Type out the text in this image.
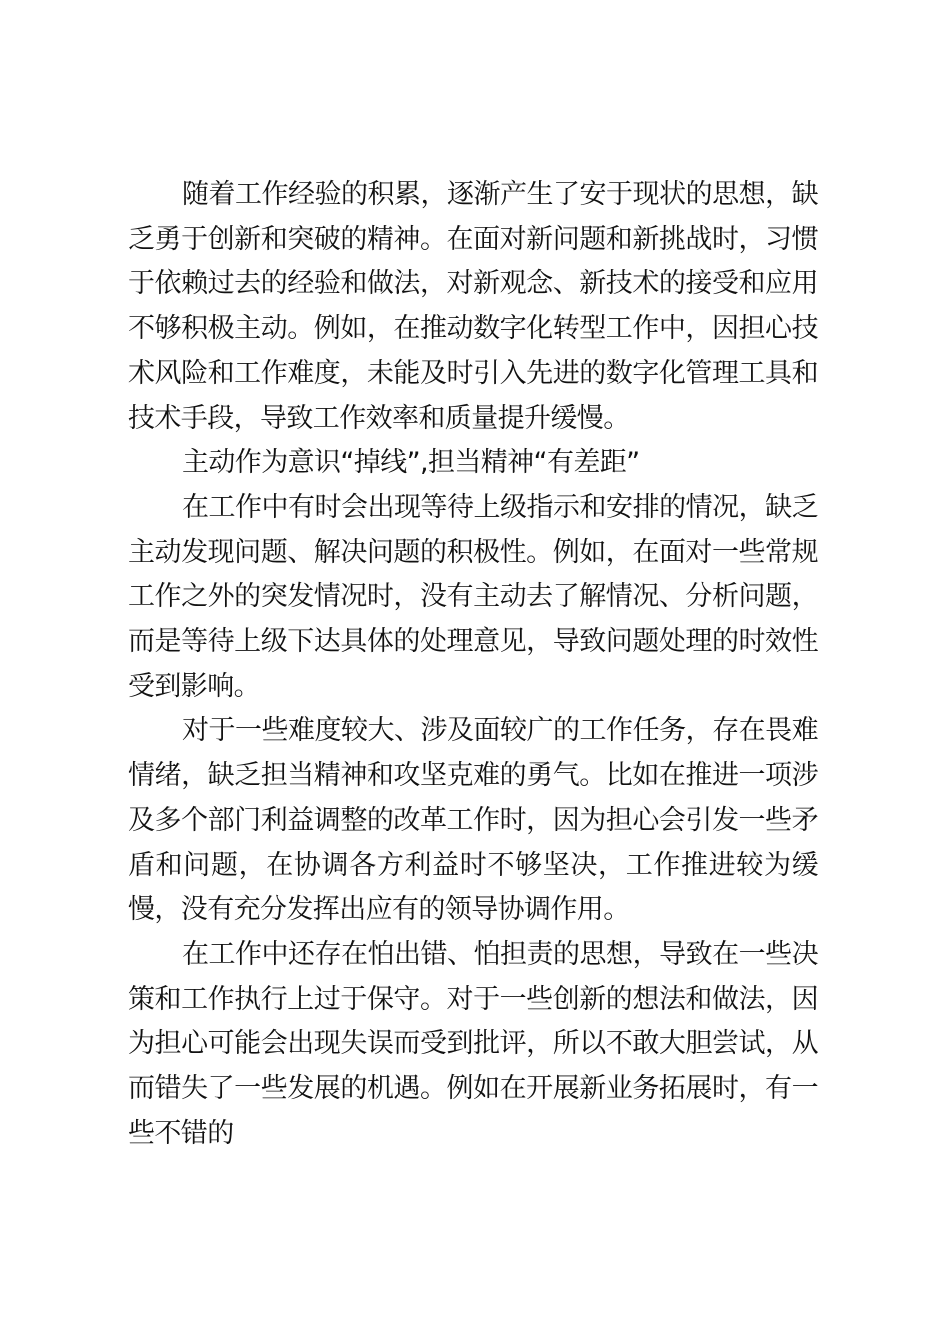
随着工作经验的积累，逐渐产生了安于现状的思想，缺乏勇于创新和突破的精神。在面对新问题和新挑战时，习惯于依赖过去的经验和做法，对新观念、新技术的接受和应用不够积极主动。例如，在推动数字化转型工作中，因担心技术风险和工作难度，未能及时引入先进的数字化管理工具和技术手段，导致工作效率和质量提升缓慢。

主动作为意识“掉线”,担当精神“有差距”

在工作中有时会出现等待上级指示和安排的情况，缺乏主动发现问题、解决问题的积极性。例如，在面对一些常规工作之外的突发情况时，没有主动去了解情况、分析问题，而是等待上级下达具体的处理意见，导致问题处理的时效性受到影响。

对于一些难度较大、涉及面较广的工作任务，存在畏难情绪，缺乏担当精神和攻坚克难的勇气。比如在推进一项涉及多个部门利益调整的改革工作时，因为担心会引发一些矛盾和问题，在协调各方利益时不够坚决，工作推进较为缓慢，没有充分发挥出应有的领导协调作用。

在工作中还存在怕出错、怕担责的思想，导致在一些决策和工作执行上过于保守。对于一些创新的想法和做法，因为担心可能会出现失误而受到批评，所以不敢大胆尝试，从而错失了一些发展的机遇。例如在开展新业务拓展时，有一些不错的
